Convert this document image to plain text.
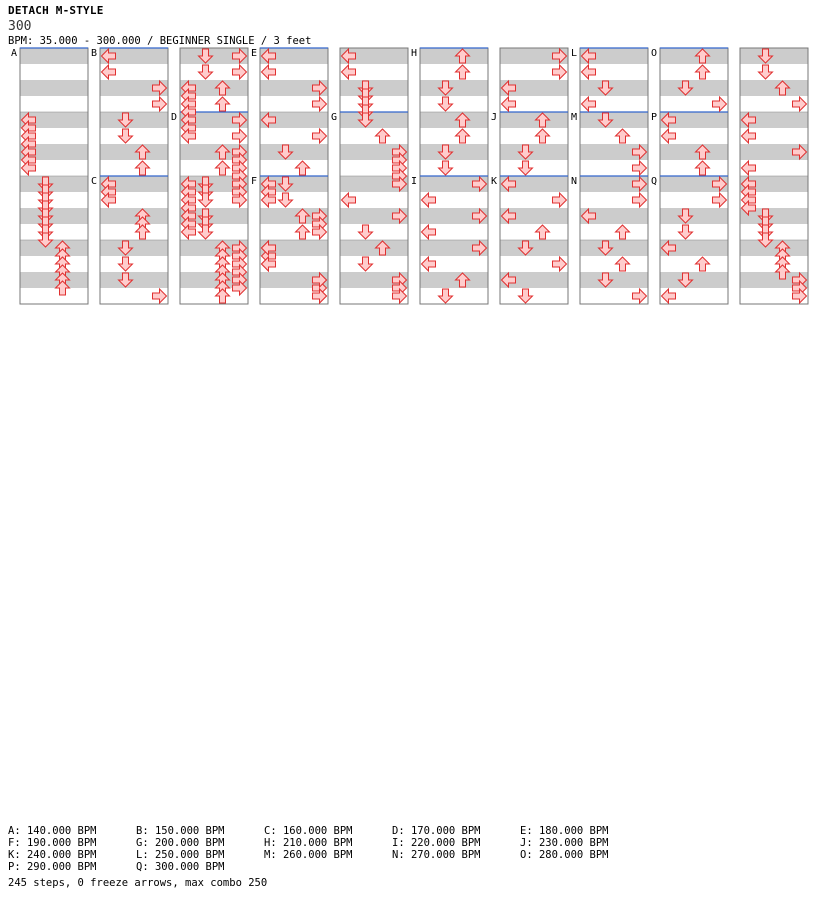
DETACH M-STYLE
300
BPM: 35.000 - 300.000 / BEGINNER SINGLE / 3 feet
A	B
C
D
E
F
G
H
I
J
K
L
M
N
O
P
Q
A: 140.000 BPM	B: 150.000 BPM	C: 160.000 BPM	D: 170.000 BPM	E: 180.000 BPM
F: 190.000 BPM	G: 200.000 BPM	H: 210.000 BPM	I: 220.000 BPM	J: 230.000 BPM
K: 240.000 BPM	L: 250.000 BPM	M: 260.000 BPM	N: 270.000 BPM	O: 280.000 BPM
P: 290.000 BPM	Q: 300.000 BPM
245 steps, 0 freeze arrows, max combo 250
